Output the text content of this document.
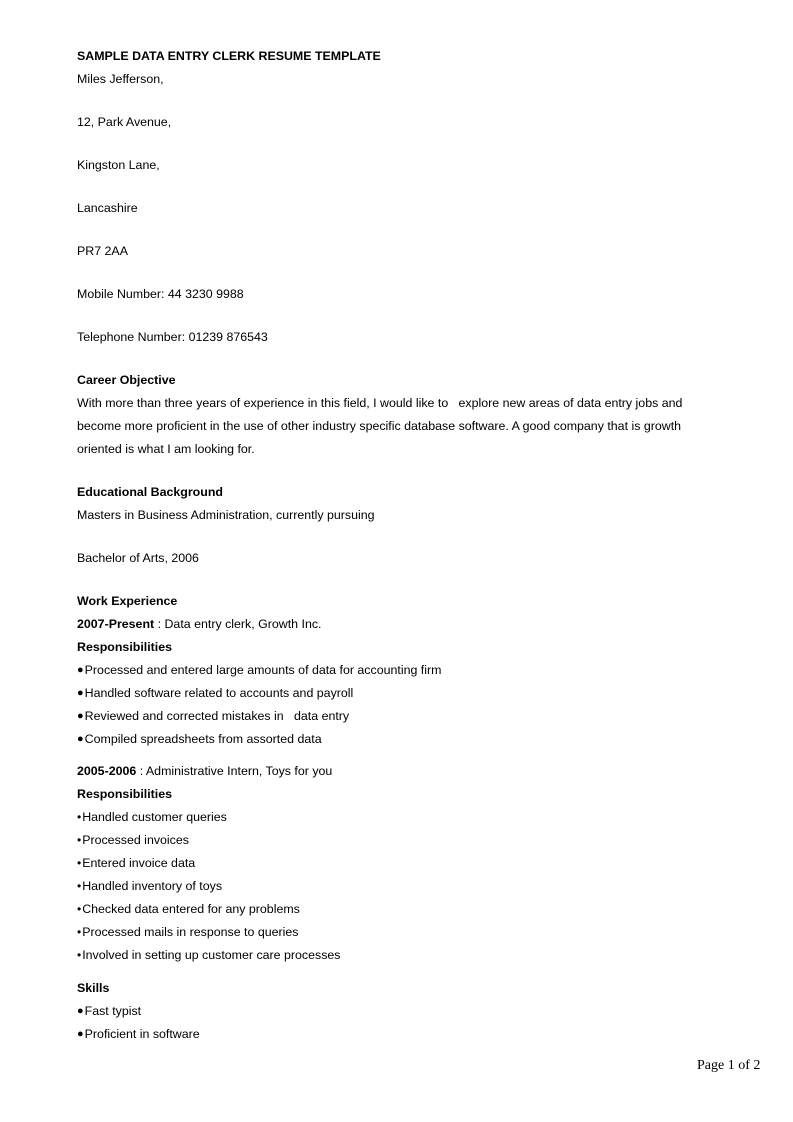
SAMPLE DATA ENTRY CLERK RESUME TEMPLATE
Miles Jefferson,
12, Park Avenue,
Kingston Lane,
Lancashire
PR7 2AA
Mobile Number: 44 3230 9988
Telephone Number: 01239 876543
Career Objective
With more than three years of experience in this field, I would like to   explore new areas of data entry jobs and
become more proficient in the use of other industry specific database software. A good company that is growth
oriented is what I am looking for.
Educational Background
Masters in Business Administration, currently pursuing
Bachelor of Arts, 2006
Work Experience
2007-Present : Data entry clerk, Growth Inc.
Responsibilities
● Processed and entered large amounts of data for accounting firm
● Handled software related to accounts and payroll
● Reviewed and corrected mistakes in   data entry
● Compiled spreadsheets from assorted data
2005-2006 : Administrative Intern, Toys for you
Responsibilities
• Handled customer queries
• Processed invoices
• Entered invoice data
• Handled inventory of toys
• Checked data entered for any problems
• Processed mails in response to queries
• Involved in setting up customer care processes
Skills
● Fast typist
● Proficient in software
Page 1 of 2
